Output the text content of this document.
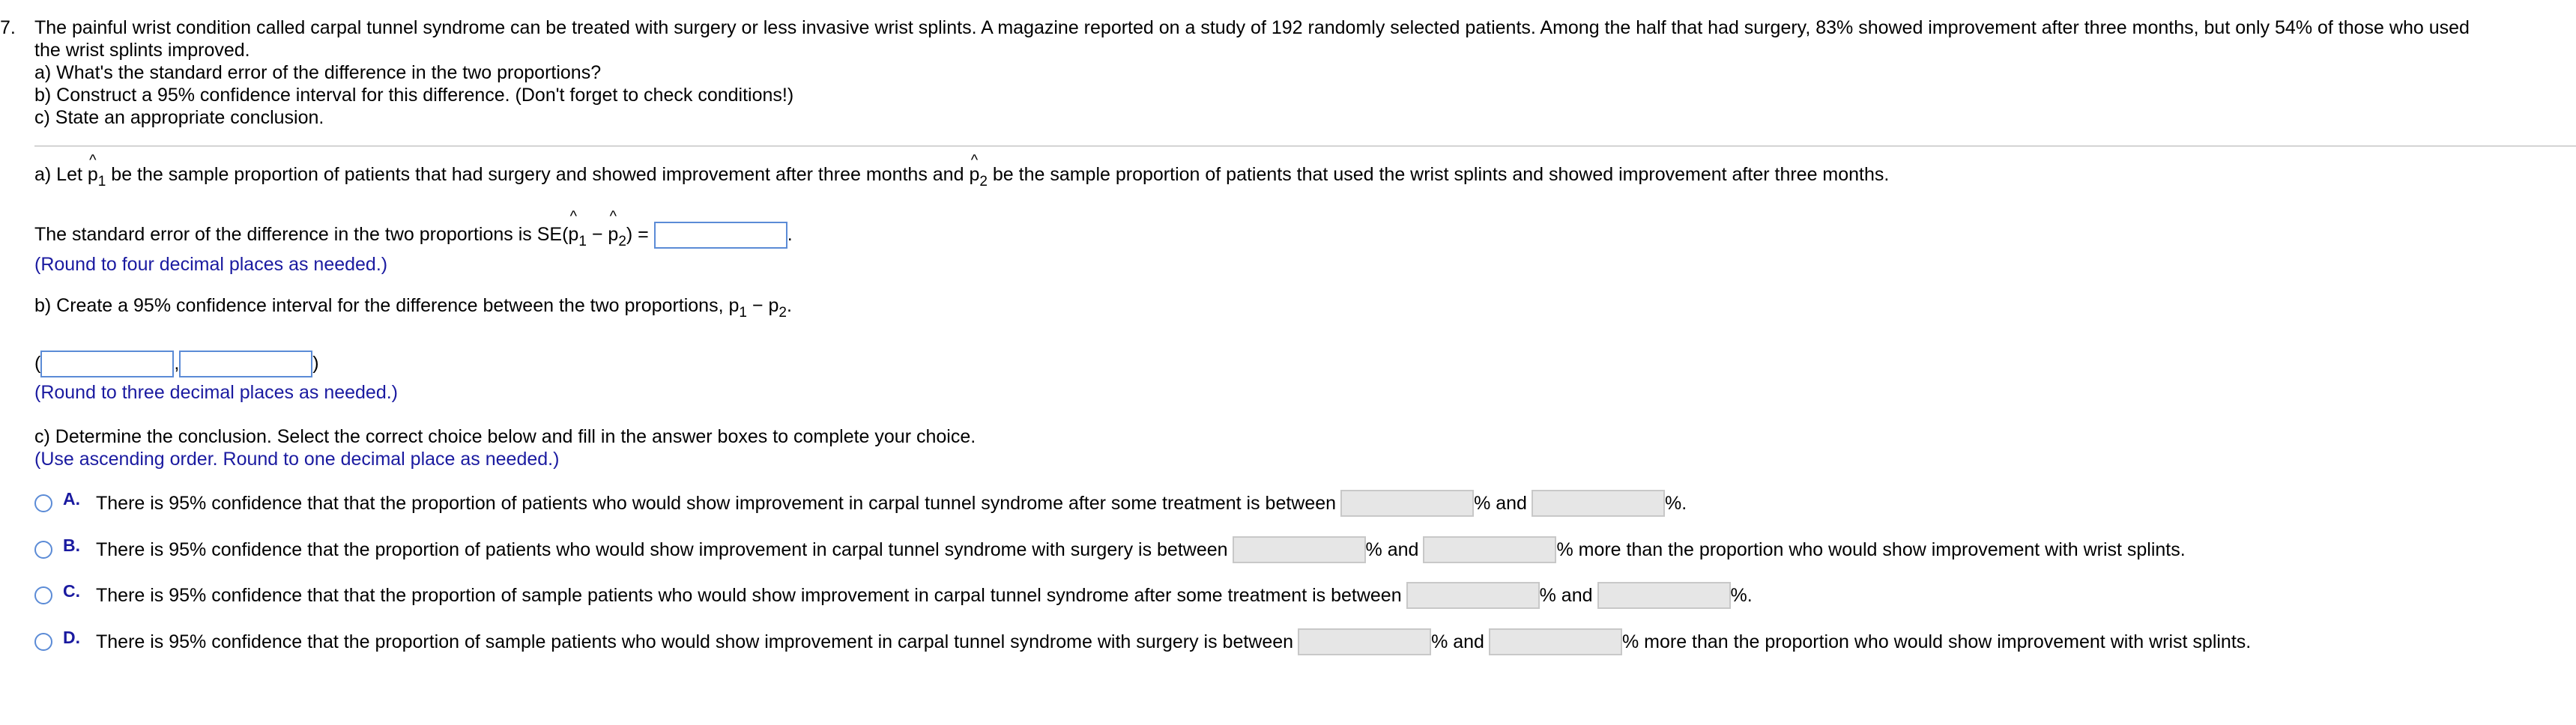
7. The painful wrist condition called carpal tunnel syndrome can be treated with surgery or less invasive wrist splints. A magazine reported on a study of 192 randomly selected patients. Among the half that had surgery, 83% showed improvement after three months, but only 54% of those who used
the wrist splints improved.
a) What's the standard error of the difference in the two proportions?
b) Construct a 95% confidence interval for this difference. (Don't forget to check conditions!)
c) State an appropriate conclusion.
a) Let ^ $p_1$ be the sample proportion of patients that had surgery and showed improvement after three months and ^ $p_2$ be the sample proportion of patients that used the wrist splints and showed improvement after three months.
The standard error of the difference in the two proportions is SE(^ $p_1$ − ^ $p_2$) =	.
(Round to four decimal places as needed.)
b) Create a 95% confidence interval for the difference between the two proportions, $p_1 - p_2$.
(	,	)
(Round to three decimal places as needed.)
c) Determine the conclusion. Select the correct choice below and fill in the answer boxes to complete your choice.
(Use ascending order. Round to one decimal place as needed.)
A. There is 95% confidence that that the proportion of patients who would show improvement in carpal tunnel syndrome after some treatment is between	% and	%.
B. There is 95% confidence that the proportion of patients who would show improvement in carpal tunnel syndrome with surgery is between	% and	% more than the proportion who would show improvement with wrist splints.
C. There is 95% confidence that that the proportion of sample patients who would show improvement in carpal tunnel syndrome after some treatment is between	% and	%.
D. There is 95% confidence that the proportion of sample patients who would show improvement in carpal tunnel syndrome with surgery is between	% and	% more than the proportion who would show improvement with wrist splints.
